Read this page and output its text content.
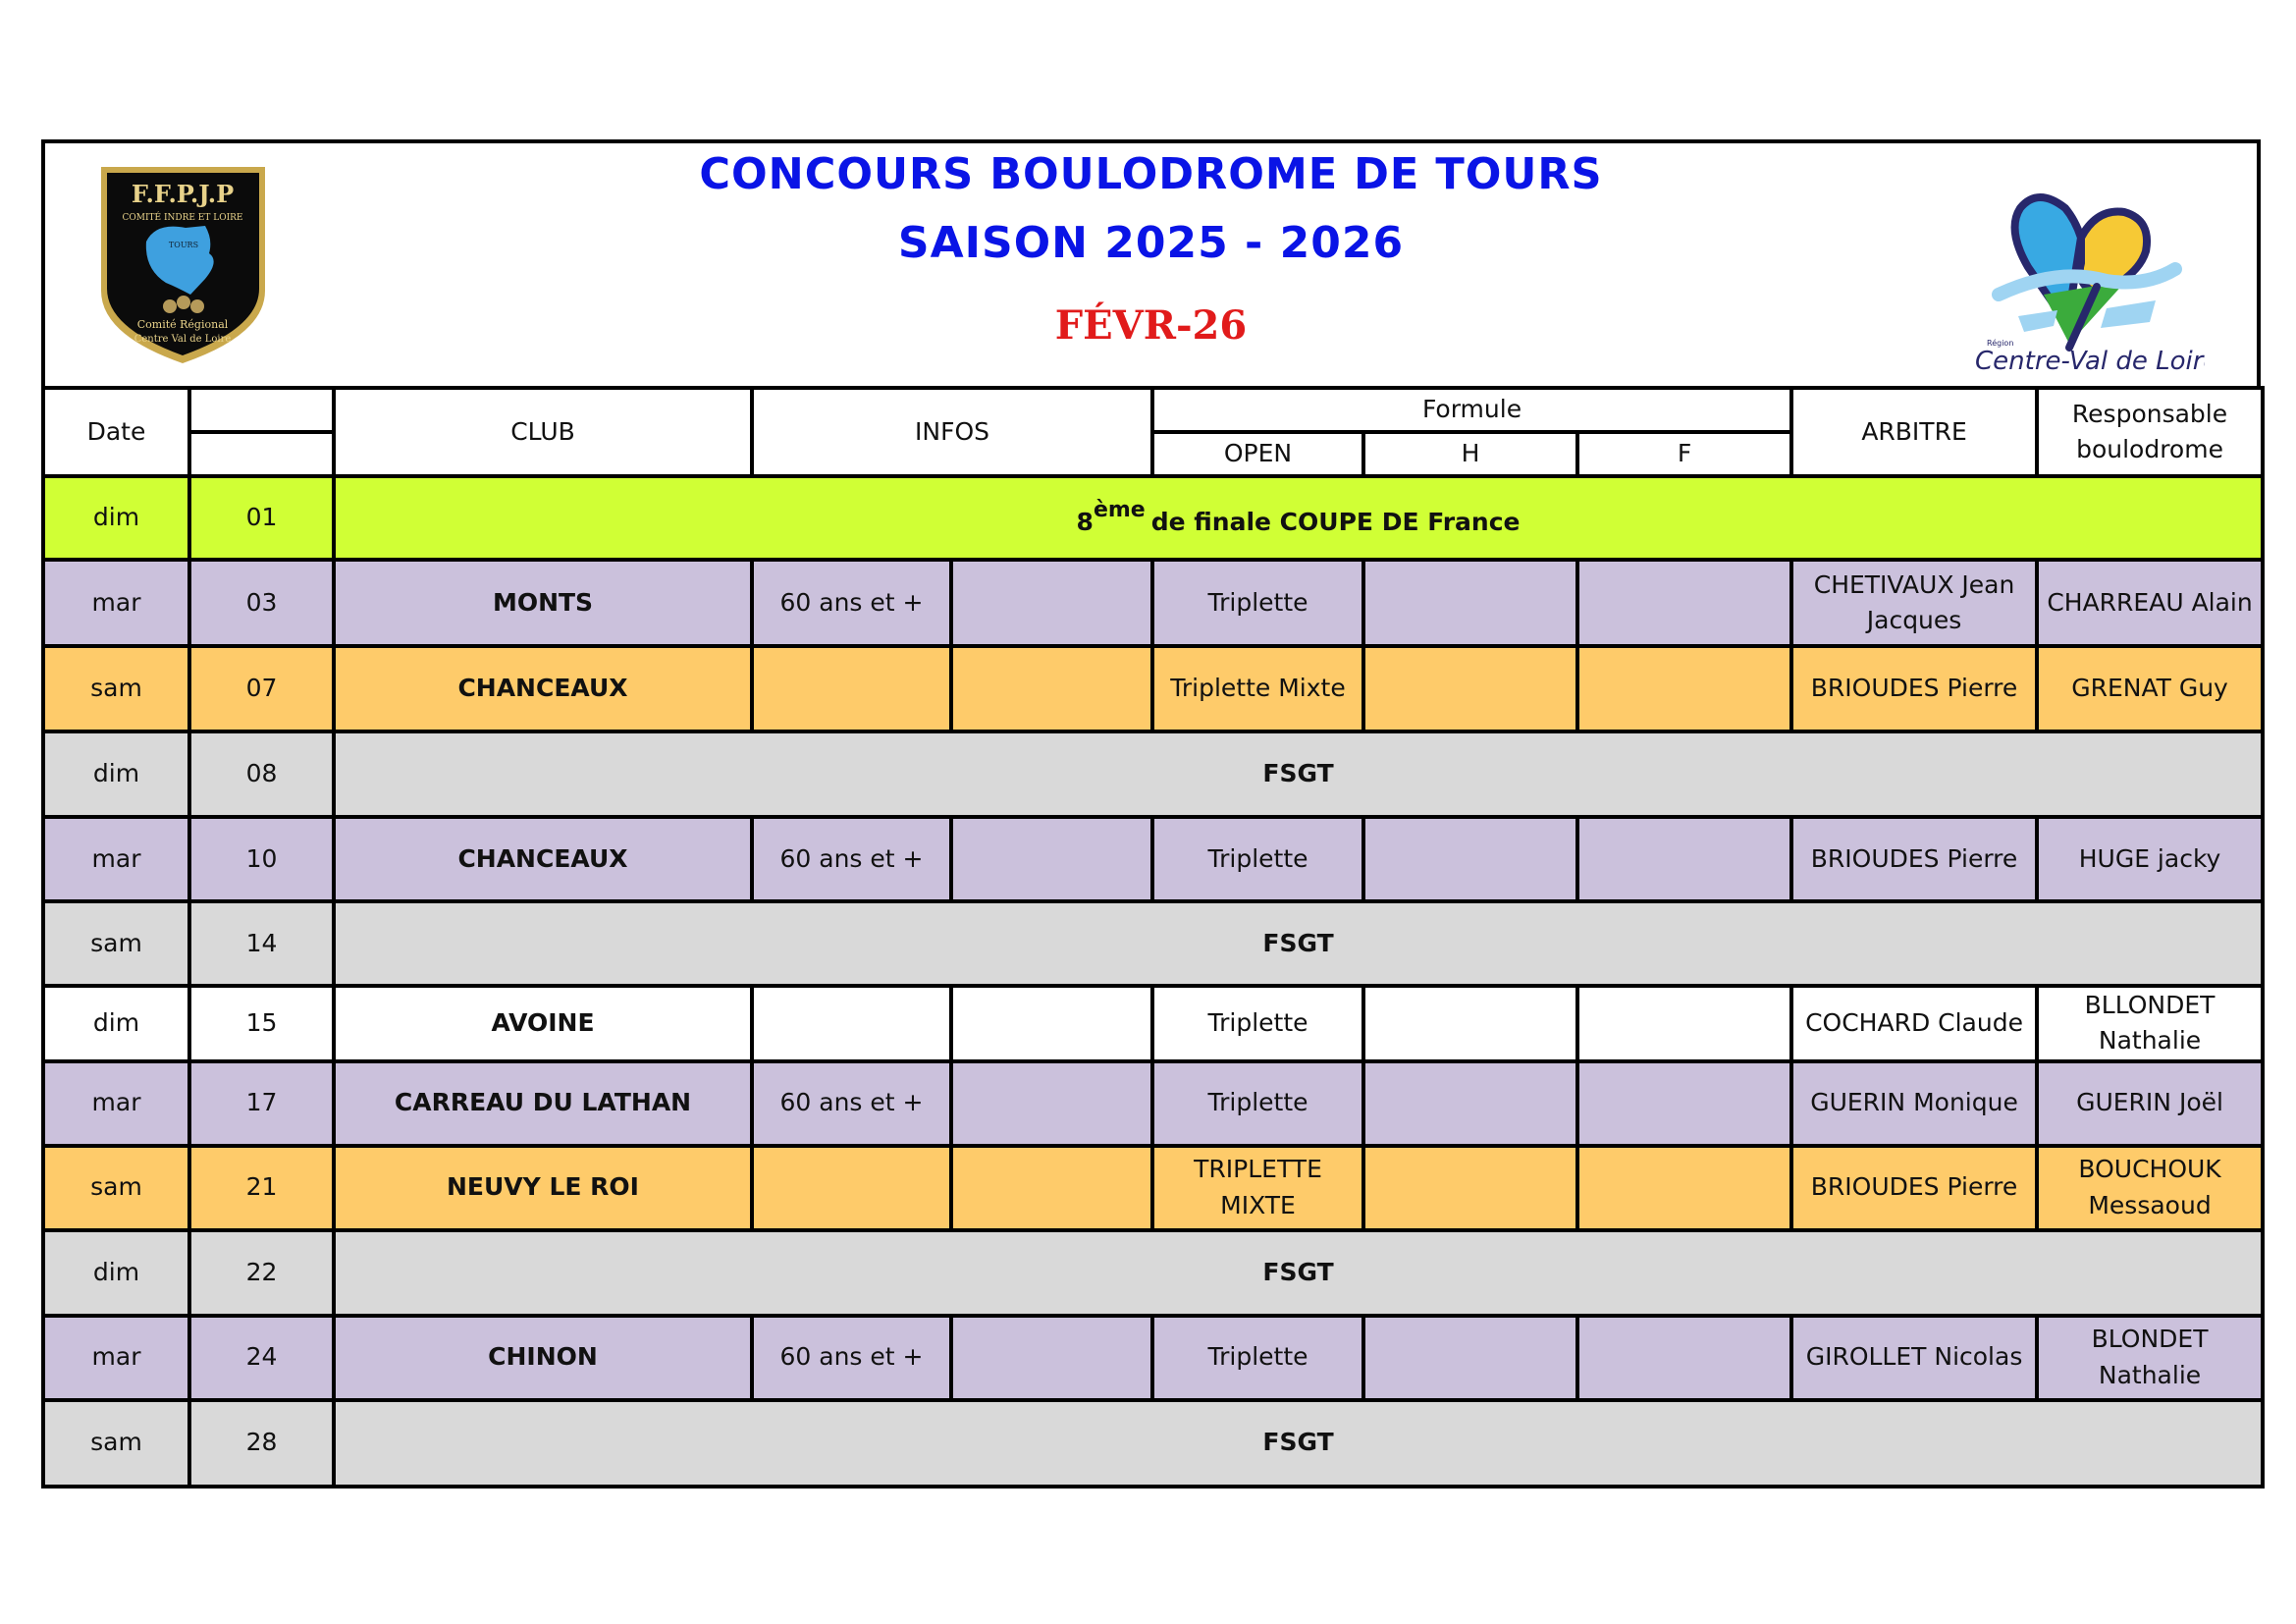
F.F.P.J.P
TOURS
COMITÉ INDRE ET LOIRE
Comité Régional
Centre Val de Loire
CONCOURS BOULODROME DE TOURS
SAISON 2025 - 2026
FÉVR-26	Région
Centre-Val de Loire
Date		CLUB	INFOS		Formule			ARBITRE	Responsable
boulodrome

					OPEN	H	F		
dim	01	8ème de finale COUPE DE France							
mar	03	MONTS	60 ans et +		Triplette			CHETIVAUX Jean Jacques	CHARREAU Alain
sam	07	CHANCEAUX			Triplette Mixte			BRIOUDES Pierre	GRENAT Guy
dim	08	FSGT							
mar	10	CHANCEAUX	60 ans et +		Triplette			BRIOUDES Pierre	HUGE jacky
sam	14	FSGT							
dim	15	AVOINE			Triplette			COCHARD Claude	BLLONDET Nathalie
mar	17	CARREAU DU LATHAN	60 ans et +		Triplette			GUERIN Monique	GUERIN Joël
sam	21	NEUVY LE ROI			TRIPLETTE MIXTE			BRIOUDES Pierre	BOUCHOUK Messaoud
dim	22	FSGT							
mar	24	CHINON	60 ans et +		Triplette			GIROLLET Nicolas	BLONDET Nathalie
sam	28	FSGT							
